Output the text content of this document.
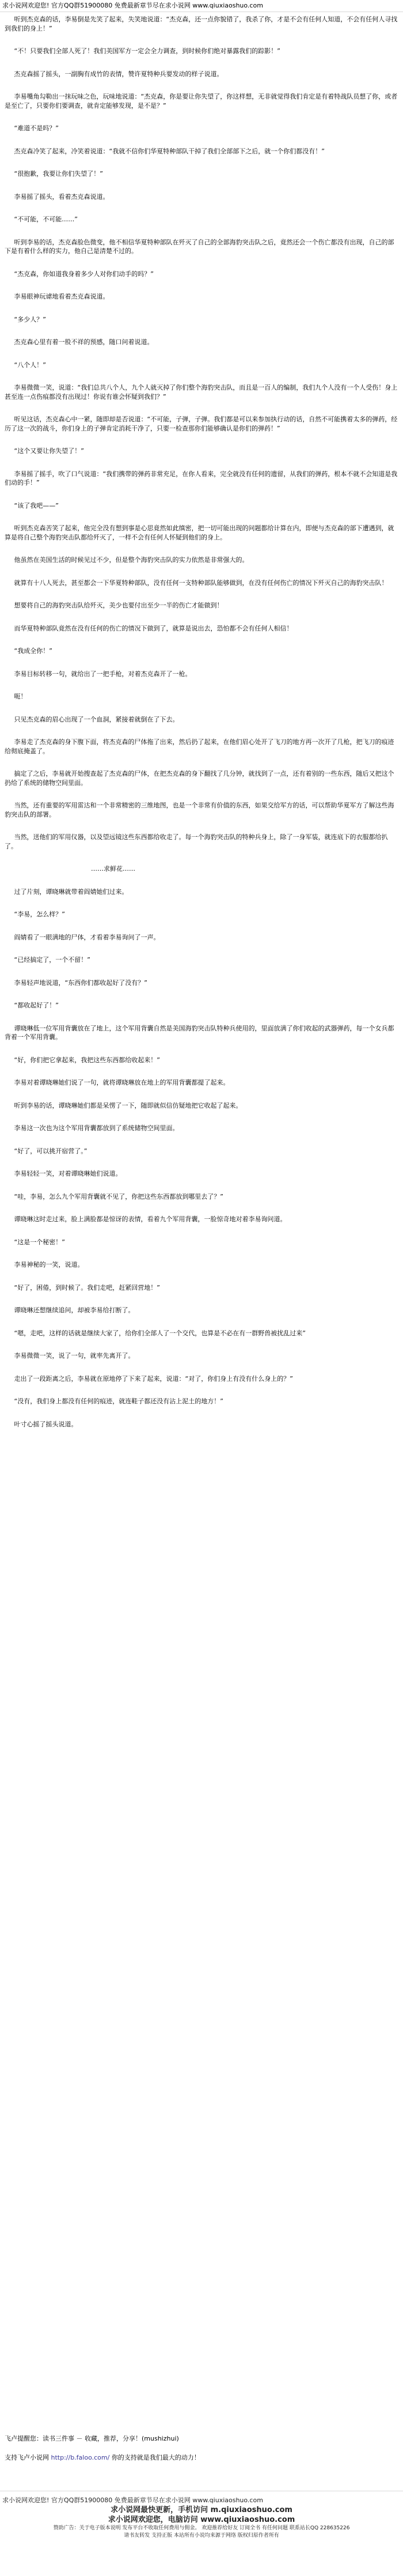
求小说网欢迎您! 官方QQ群51900080 免费最新章节尽在求小说网 www.qiuxiaoshuo.com

听到杰克森的话，李易倒是先笑了起来，失笑地说道：“杰克森，还一点你貌错了，我杀了你，才是不会有任何人知道，不会有任何人寻找到我们的身上！”

“不！只要我们全部人死了！我们美国军方一定会全力调查，到时候你们绝对暴露我们的踪影！”

杰克森摇了摇头，一副胸有成竹的表情，赞许夏特种兵要发动的样子说道。

李易嘴角勾勒出一抹玩味之色，玩味地说道：“杰克森，你是要让你失望了，你这样想，无非就觉得我们肯定是有着特战队员想了你，或者是至亡了，只要你们要调查，就肯定能够发现，是不是？”

“难道不是吗？”

杰克森冷笑了起来，冷笑着说道：“我就不信你们华夏特种部队干掉了我们全部部下之后，就一个你们都没有！”

“很抱歉，我要让你们失望了！”

李易摇了摇头，看着杰克森说道。

“不可能，不可能……”

听到李易的话，杰克森脸色微变，他不相信华夏特种部队在歼灭了自己的全部海豹突击队之后，竟然还会一个伤亡都没有出现，自己的部下是有着什么样的实力，他自己是清楚不过的。

“杰克森，你如道我身着多少人对你们动手的吗？”

李易眼神玩谑地看着杰克森说道。

“多少人？”

杰克森心里有着一股不祥的预感，随口问着说道。

“八个人！”

李易微微一笑，说道：“我们总共八个人，九个人就灭掉了你们整个海豹突击队，而且是一百人的编制，我们九个人没有一个人受伤！身上甚至连一点伤痕都没有出现过！你说有谁会怀疑到我们？”

听见这话，杰克森心中一紧，随即却是否说道：“不可能，子弹，子弹。我们都是可以来参加执行动的话，自然不可能携着太多的弹药，经历了这一次的战斗，你们身上的子弹肯定消耗干净了，只要一检查那你们能够确认是你们的弹药！”

“这个又要让你失望了！”

李易摇了摇手，吹了口气说道：“我们携带的弹药非常充足，在你人看来，完全就没有任何的遗留，从我们的弹药，根本不就不会知道是我们动的手！”

“该了我吧——”

听到杰克森苦笑了起来，他完全没有想到事是心思竟然如此缜密，把一切可能出现的问题都给计算在内，即便与杰克森的部下遭遇到，就算是将自己整个海豹突击队都给歼灭了，一样不会有任何人怀疑到他们的身上。

他虽然在美国生活的时候见过不少，但是整个海豹突击队的实力依然是非常强大的。

就算有十八人死去，甚至都会一下华夏特种部队，没有任何一支特种部队能够做到，在没有任何伤亡的情况下歼灭自己的海豹突击队！

想要将自己的海豹突击队给歼灭，美少也要付出至少一半的伤亡才能做到！

而华夏特种部队竟然在没有任何的伤亡的情况下做到了，就算是说出去，恐怕都不会有任何人相信！

“我成全你！”

李易目标转移一句，就给出了一把手枪，对着杰克森开了一枪。

呃！

只见杰克森的眉心出现了一个血洞，紧接着就倒在了下去。

李易走了杰克森的身下腹下面，将杰克森的尸体拖了出来，然后扔了起来，在他们眉心处开了飞刀的地方再一次开了几枪，把飞刀的痕迹给彻底掩盖了。

搞定了之后，李易就开始搜查起了杰克森的尸体，在把杰克森的身下翻找了几分钟，就找到了一点，还有着别的一些东西，随后又把这个扔给了系统的储物空间里面。

当然，还有重要的军用雷达和一个非常精密的三维地图，也是一个非常有价值的东西，如果交给军方的话，可以帮助华夏军方了解这些海豹突击队的部署。

当然，送他们的军用仪器，以及望远镜这些东西都给收走了。每一个海豹突击队的特种兵身上，除了一身军装，就连底下的衣服都给扒了。

……求鲜花……

过了片刻，谭晓琳就带着阎婧她们过来。

“李易，怎么样？”

阎婧看了一眼满地的尸体，才看着李易询问了一声。

“已经搞定了，一个不留！”

李易轻声地说道，“东西你们都收起好了没有？”

“都收起好了！”

谭晓琳低一位军用背囊放在了地上，这个军用背囊自然是美国海豹突击队特种兵使用的，里面放满了你们收起的武器弹药，每一个女兵都背着一个军用背囊。

“好，你们把它拿起来，我把这些东西都给收起来！”

李易对着谭晓琳她们说了一句，就将谭晓琳放在地上的军用背囊都提了起来。

听到李易的话，谭晓琳她们都是呆愣了一下，随即就似信仿疑地把它收起了起来。

李易这一次也为这个军用背囊都放到了系统储物空间里面。

“好了，可以挑开宿营了。”

李易轻轻一笑，对着谭晓琳她们说道。

“哇，李易，怎么九个军用背囊就不见了，你把这些东西都放到哪里去了？”

谭晓琳这时走过来，脸上满脸都是惊讶的表情，看着九个军用背囊，一脸惊奇地对着李易询问道。

“这是一个秘密！”

李易神秘的一笑，说道。

“好了，困倦，到时候了。我们走吧，赶紧回营地！”

谭晓琳还想继续追问，却被李易给打断了。

“嗯，走吧，这样的话就是继续大家了，给你们全部人了一个交代，也算是不必在有一群野兽被扰乱过来”

李易微微一笑，说了一句，就率先离开了。

走出了一段距离之后，李易就在原地停了下来了起来，说道：“对了，你们身上有没有什么身上的？”

“没有，我们身上都没有任何的痕迹，就连鞋子都还没有沾上泥土的地方！”

叶寸心摇了摇头说道。

飞卢提醒您：读书三件事 － 收藏，推荐，分享！(mushizhui)
支持飞卢小说网 http://b.faloo.com/ 你的支持就是我们最大的动力！
求小说网欢迎您! 官方QQ群51900080 免费最新章节尽在求小说网 www.qiuxiaoshuo.com
求小说网最快更新，手机访问 m.qiuxiaoshuo.com
求小说网欢迎您，电脑访问 www.qiuxiaoshuo.com
赞助广告：关于电子版本说明 发布平台不收取任何费用与佣金。 欢迎推荐给好友 订阅全书 有任何问题 联系站长QQ 228635226
请书友转发 支持正版 本站所有小说均来源于网络 版权归原作者所有
